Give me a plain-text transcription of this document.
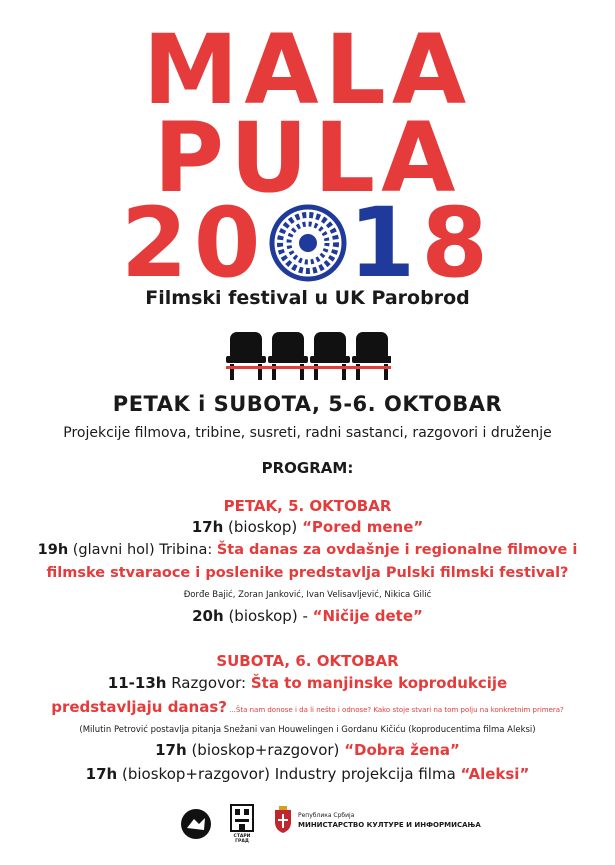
MALA
PULA
20 18
Filmski festival u UK Parobrod
PETAK i SUBOTA, 5-6. OKTOBAR
Projekcije filmova, tribine, susreti, radni sastanci, razgovori i druženje
PROGRAM:
PETAK, 5. OKTOBAR
17h (bioskop) “Pored mene”
19h (glavni hol) Tribina: Šta danas za ovdašnje i regionalne filmove i
filmske stvaraoce i poslenike predstavlja Pulski filmski festival?
Đorđe Bajić, Zoran Janković, Ivan Velisavljević, Nikica Gilić
20h (bioskop) - “Ničije dete”
SUBOTA, 6. OKTOBAR
11-13h Razgovor: Šta to manjinske koprodukcije
predstavljaju danas? ...Šta nam donose i da li nešto i odnose? Kako stoje stvari na tom polju na konkretnim primera?
(Milutin Petrović postavlja pitanja Snežani van Houwelingen i Gordanu Kičiću (koproducentima filma Aleksi)
17h (bioskop+razgovor) “Dobra žena”
17h (bioskop+razgovor) Industry projekcija filma “Aleksi”
СТАРИ ГРАД
Република Србија
МИНИСТАРСТВО КУЛТУРЕ И ИНФОРМИСАЊА
